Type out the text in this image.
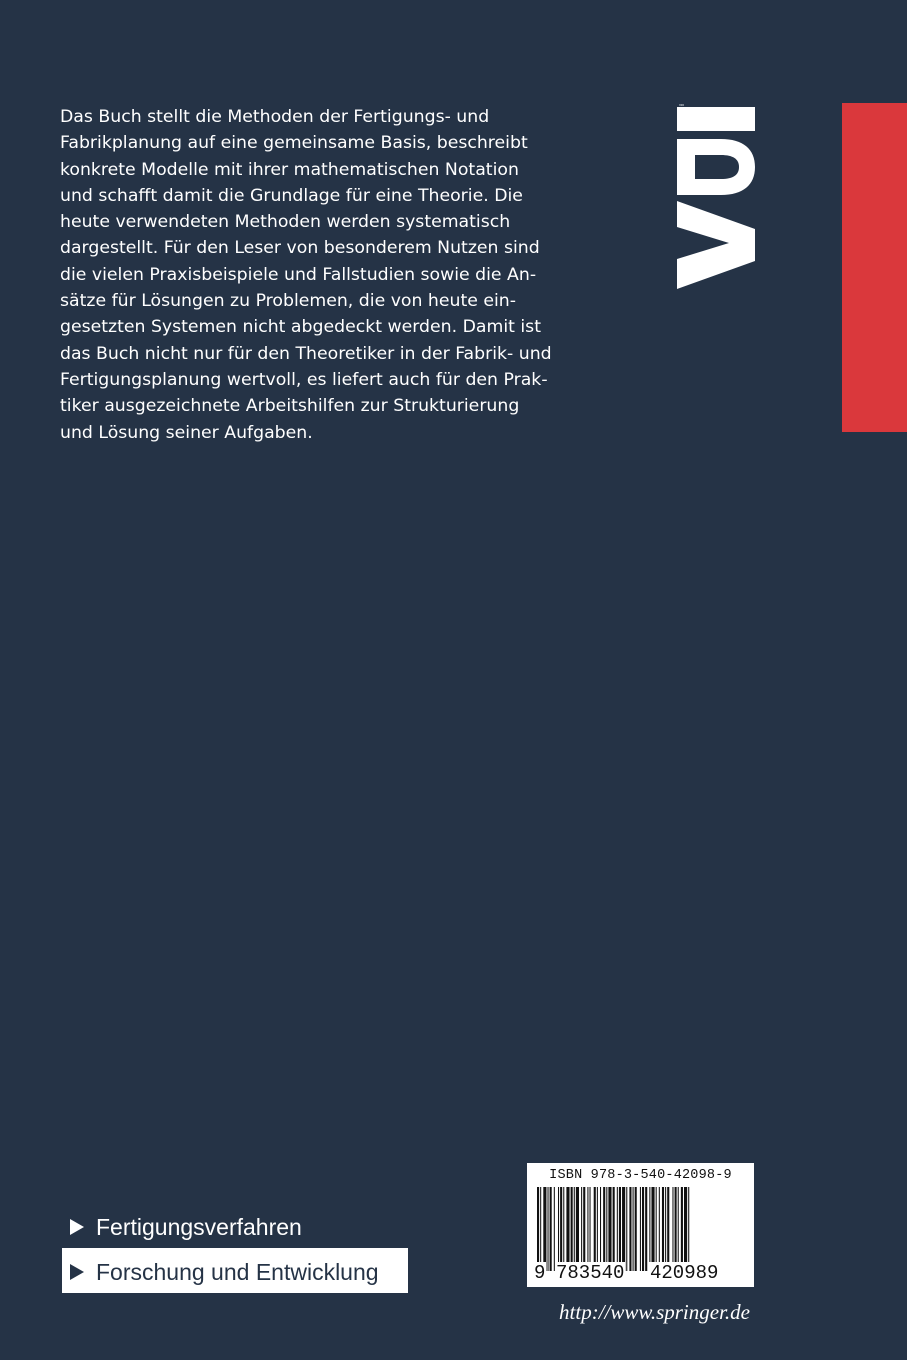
Das Buch stellt die Methoden der Fertigungs- und
Fabrikplanung auf eine gemeinsame Basis, beschreibt
konkrete Modelle mit ihrer mathematischen Notation
und schafft damit die Grundlage für eine Theorie. Die
heute verwendeten Methoden werden systematisch
dargestellt. Für den Leser von besonderem Nutzen sind
die vielen Praxisbeispiele und Fallstudien sowie die An-
sätze für Lösungen zu Problemen, die von heute ein-
gesetzten Systemen nicht abgedeckt werden. Damit ist
das Buch nicht nur für den Theoretiker in der Fabrik- und
Fertigungsplanung wertvoll, es liefert auch für den Prak-
tiker ausgezeichnete Arbeitshilfen zur Strukturierung
und Lösung seiner Aufgaben.

VDI
Fertigungsverfahren
Forschung und Entwicklung
ISBN 978-3-540-42098-9
9 783540 420989
http://www.springer.de
